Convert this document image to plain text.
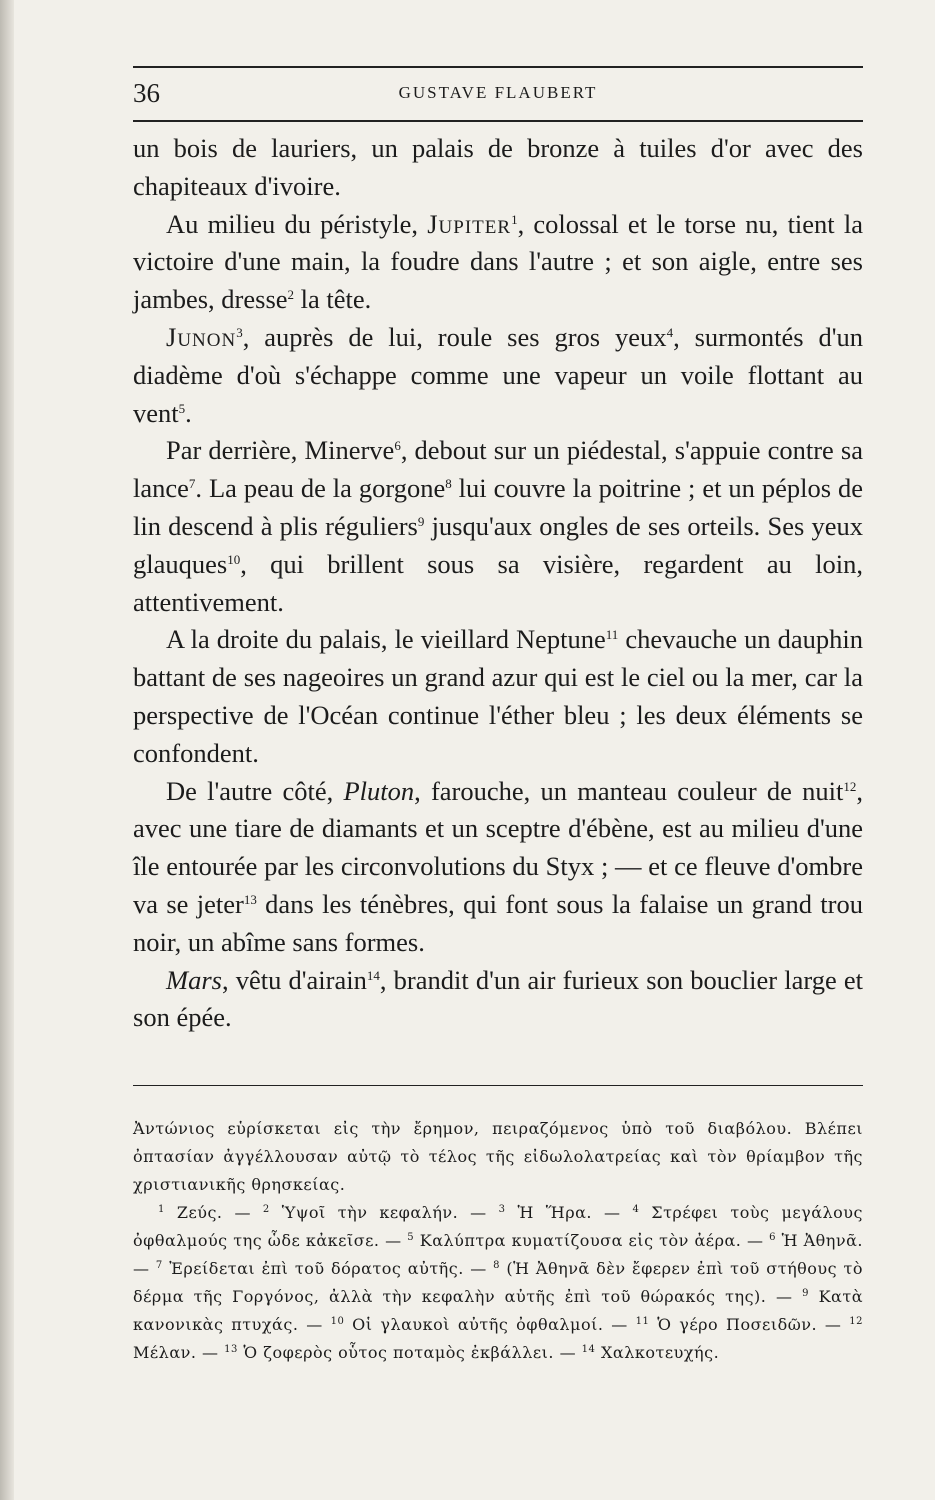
36	GUSTAVE FLAUBERT

un bois de lauriers, un palais de bronze à tuiles d'or avec des chapiteaux d'ivoire.

Au milieu du péristyle, Jupiter$^1$, colossal et le torse nu, tient la victoire d'une main, la foudre dans l'autre ; et son aigle, entre ses jambes, dresse$^2$ la tête.

Junon$^3$, auprès de lui, roule ses gros yeux$^4$, surmontés d'un diadème d'où s'échappe comme une vapeur un voile flottant au vent$^5$.

Par derrière, Minerve$^6$, debout sur un piédestal, s'appuie contre sa lance$^7$. La peau de la gorgone$^8$ lui couvre la poitrine ; et un péplos de lin descend à plis réguliers$^9$ jusqu'aux ongles de ses orteils. Ses yeux glauques$^{10}$, qui brillent sous sa visière, regardent au loin, attentivement.

A la droite du palais, le vieillard Neptune$^{11}$ chevauche un dauphin battant de ses nageoires un grand azur qui est le ciel ou la mer, car la perspective de l'Océan continue l'éther bleu ; les deux éléments se confondent.

De l'autre côté, Pluton, farouche, un manteau couleur de nuit$^{12}$, avec une tiare de diamants et un sceptre d'ébène, est au milieu d'une île entourée par les circonvolutions du Styx ; — et ce fleuve d'ombre va se jeter$^{13}$ dans les ténèbres, qui font sous la falaise un grand trou noir, un abîme sans formes.

Mars, vêtu d'airain$^{14}$, brandit d'un air furieux son bouclier large et son épée.

Ἀντώνιος εὑρίσκεται εἰς τὴν ἔρημον, πειραζόμενος ὑπὸ τοῦ διαβόλου. Βλέπει ὀπτασίαν ἀγγέλλουσαν αὐτῷ τὸ τέλος τῆς εἰδωλολατρείας καὶ τὸν θρίαμβον τῆς χριστιανικῆς θρησκείας.

$^1$ Ζεύς. — $^2$ Ὑψοῖ τὴν κεφαλήν. — $^3$ Ἡ Ἥρα. — $^4$ Στρέφει τοὺς μεγάλους ὀφθαλμούς της ὧδε κἀκεῖσε. — $^5$ Καλύπτρα κυματίζουσα εἰς τὸν ἀέρα. — $^6$ Ἡ Ἀθηνᾶ. — $^7$ Ἐρείδεται ἐπὶ τοῦ δόρατος αὐτῆς. — $^8$ (Ἡ Ἀθηνᾶ δὲν ἔφερεν ἐπὶ τοῦ στήθους τὸ δέρμα τῆς Γοργόνος, ἀλλὰ τὴν κεφαλὴν αὐτῆς ἐπὶ τοῦ θώρακός της). — $^9$ Κατὰ κανονικὰς πτυχάς. — $^{10}$ Οἱ γλαυκοὶ αὐτῆς ὀφθαλμοί. — $^{11}$ Ὁ γέρο Ποσειδῶν. — $^{12}$ Μέλαν. — $^{13}$ Ὁ ζοφερὸς οὗτος ποταμὸς ἐκβάλλει. — $^{14}$ Χαλκοτευχής.
